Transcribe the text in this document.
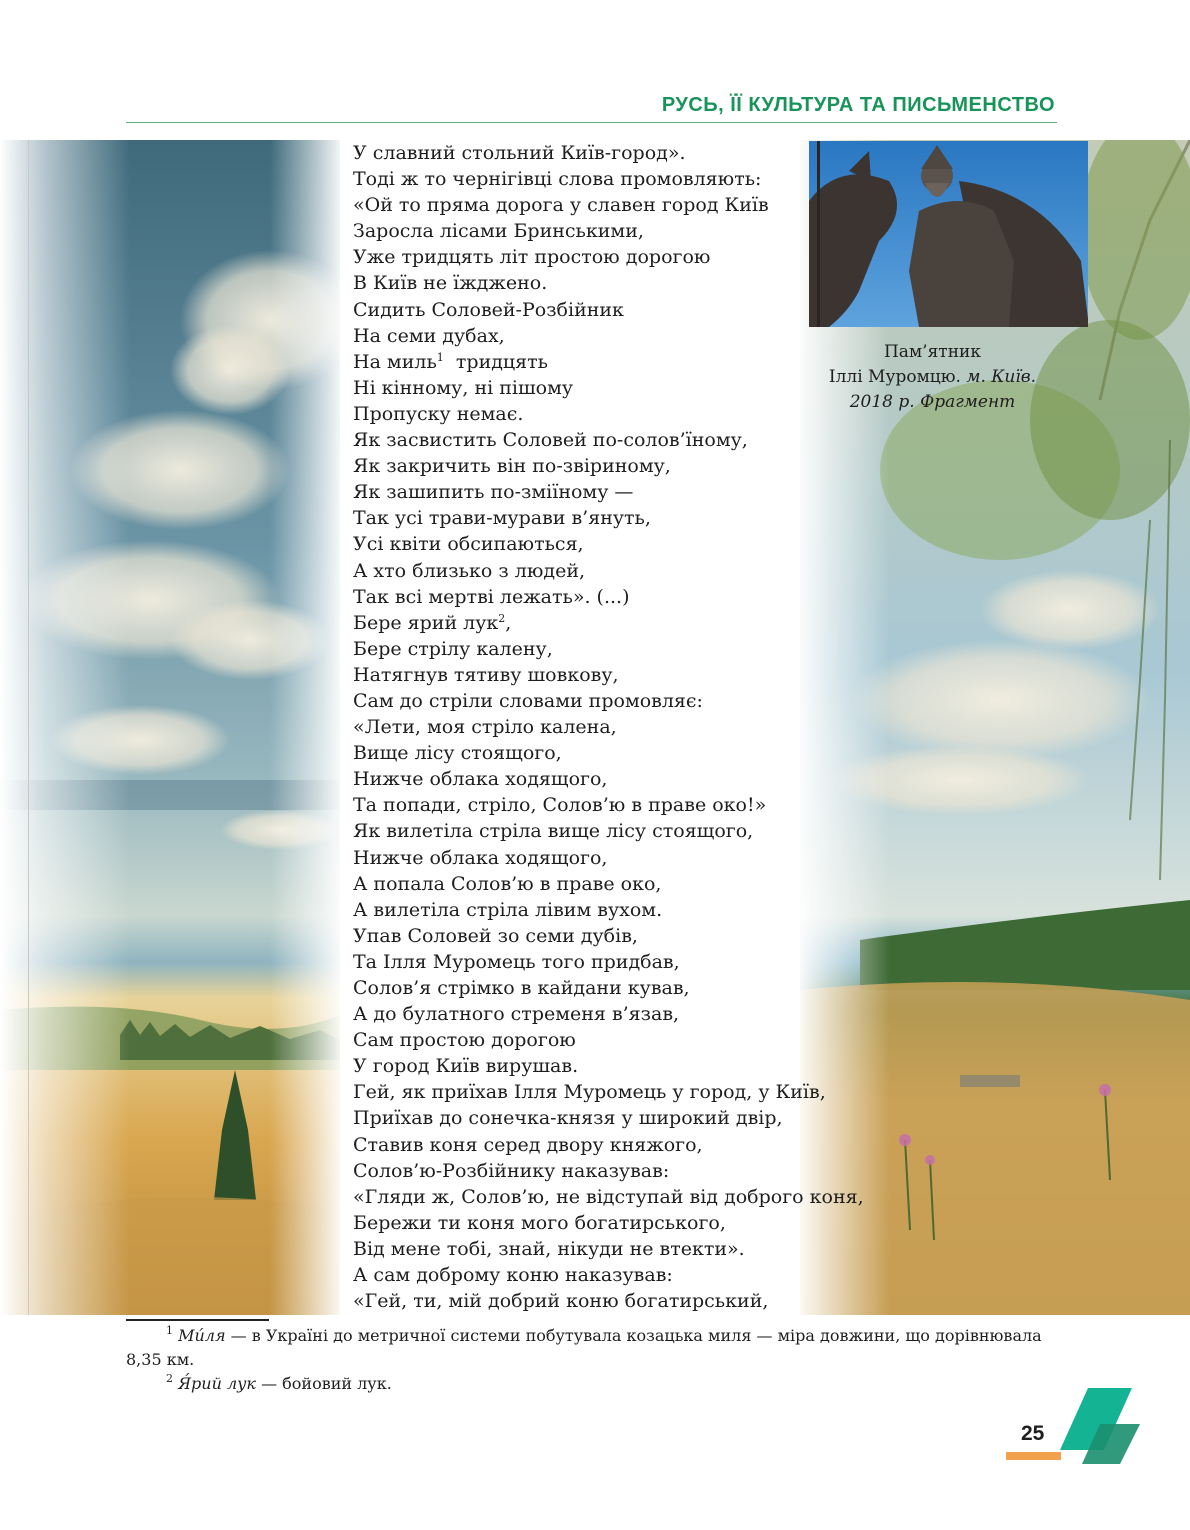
РУСЬ, ЇЇ КУЛЬТУРА ТА ПИСЬМЕНСТВО
У славний стольний Київ-город».
Тоді ж то чернігівці слова промовляють:
«Ой то пряма дорога у славен город Київ
Заросла лісами Бринськими,
Уже тридцять літ простою дорогою
В Київ не їжджено.
Сидить Соловей-Розбійник
На семи дубах,
На миль$^1$ тридцять
Ні кінному, ні пішому
Пропуску немає.
Як засвистить Соловей по-солов’їному,
Як закричить він по-звіриному,
Як зашипить по-зміїному —
Так усі трави-мурави в’януть,
Усі квіти обсипаються,
А хто близько з людей,
Так всі мертві лежать». (...)
Бере ярий лук$^2$,
Бере стрілу калену,
Натягнув тятиву шовкову,
Сам до стріли словами промовляє:
«Лети, моя стріло калена,
Вище лісу стоящого,
Нижче облака ходящого,
Та попади, стріло, Солов’ю в праве око!»
Як вилетіла стріла вище лісу стоящого,
Нижче облака ходящого,
А попала Солов’ю в праве око,
А вилетіла стріла лівим вухом.
Упав Соловей зо семи дубів,
Та Ілля Муромець того придбав,
Солов’я стрімко в кайдани кував,
А до булатного стременя в’язав,
Сам простою дорогою
У город Київ вирушав.
Гей, як приїхав Ілля Муромець у город, у Київ,
Приїхав до сонечка-князя у широкий двір,
Ставив коня серед двору княжого,
Солов’ю-Розбійнику наказував:
«Гляди ж, Солов’ю, не відступай від доброго коня,
Бережи ти коня мого богатирського,
Від мене тобі, знай, нікуди не втекти».
А сам доброму коню наказував:
«Гей, ти, мій добрий коню богатирський,
Пам’ятник
Іллі Муромцю. м. Київ.
2018 р. Фрагмент

$^1$ Ми́ля — в Україні до метричної системи побутувала козацька миля — міра довжини, що дорівнювала 8,35 км.

$^2$ Я́рий лук — бойовий лук.

25
